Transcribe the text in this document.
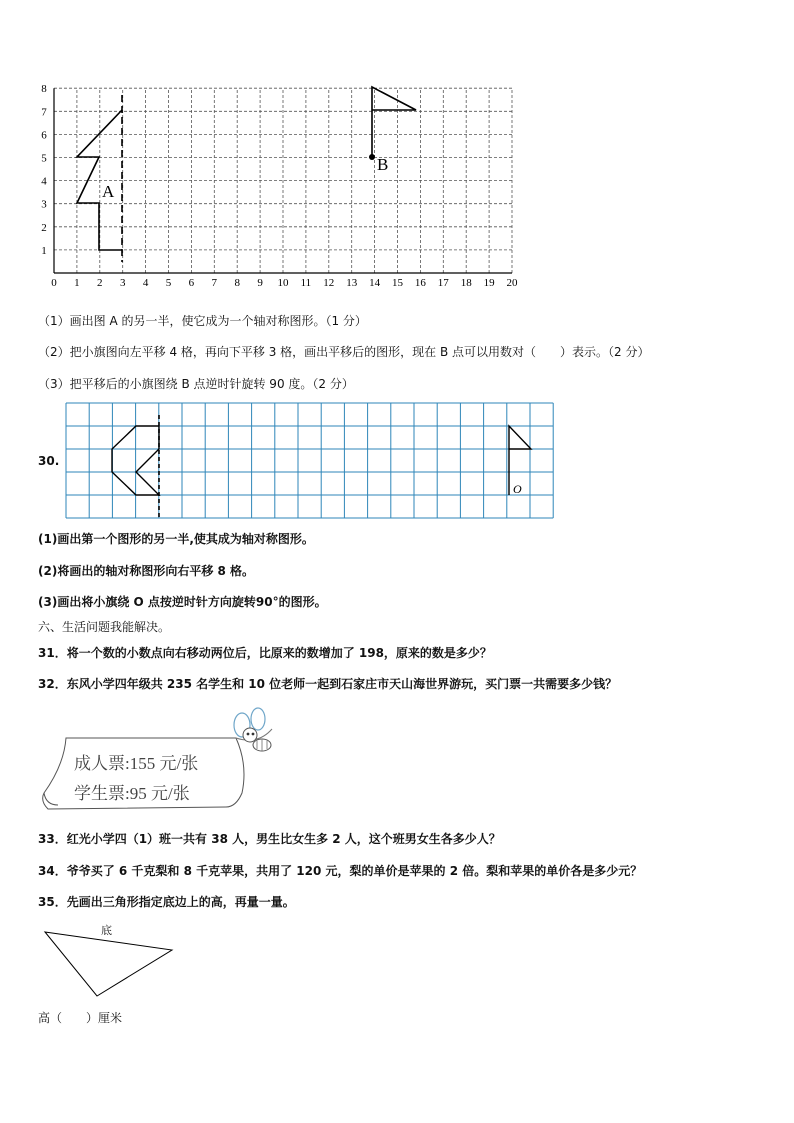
0 1 2 3 4 5 6 7 8 9 10 11 12 13 14 15 16 17 18 19 20
1
2
3
4
5
6
7
8
A
B
（1）画出图 A 的另一半，使它成为一个轴对称图形。（1 分）
（2）把小旗图向左平移 4 格，再向下平移 3 格，画出平移后的图形，现在 B 点可以用数对（　　）表示。（2 分）
（3）把平移后的小旗图绕 B 点逆时针旋转 90 度。（2 分）
30.
O
(1)画出第一个图形的另一半,使其成为轴对称图形。
(2)将画出的轴对称图形向右平移 8 格。
(3)画出将小旗绕 O 点按逆时针方向旋转90°的图形。
六、生活问题我能解决。
31．将一个数的小数点向右移动两位后，比原来的数增加了 198，原来的数是多少？
32．东风小学四年级共 235 名学生和 10 位老师一起到石家庄市天山海世界游玩，买门票一共需要多少钱？
成人票:155 元/张
学生票:95 元/张
33．红光小学四（1）班一共有 38 人，男生比女生多 2 人，这个班男女生各多少人？
34．爷爷买了 6 千克梨和 8 千克苹果，共用了 120 元，梨的单价是苹果的 2 倍。梨和苹果的单价各是多少元？
35．先画出三角形指定底边上的高，再量一量。
底
高（　　）厘米
